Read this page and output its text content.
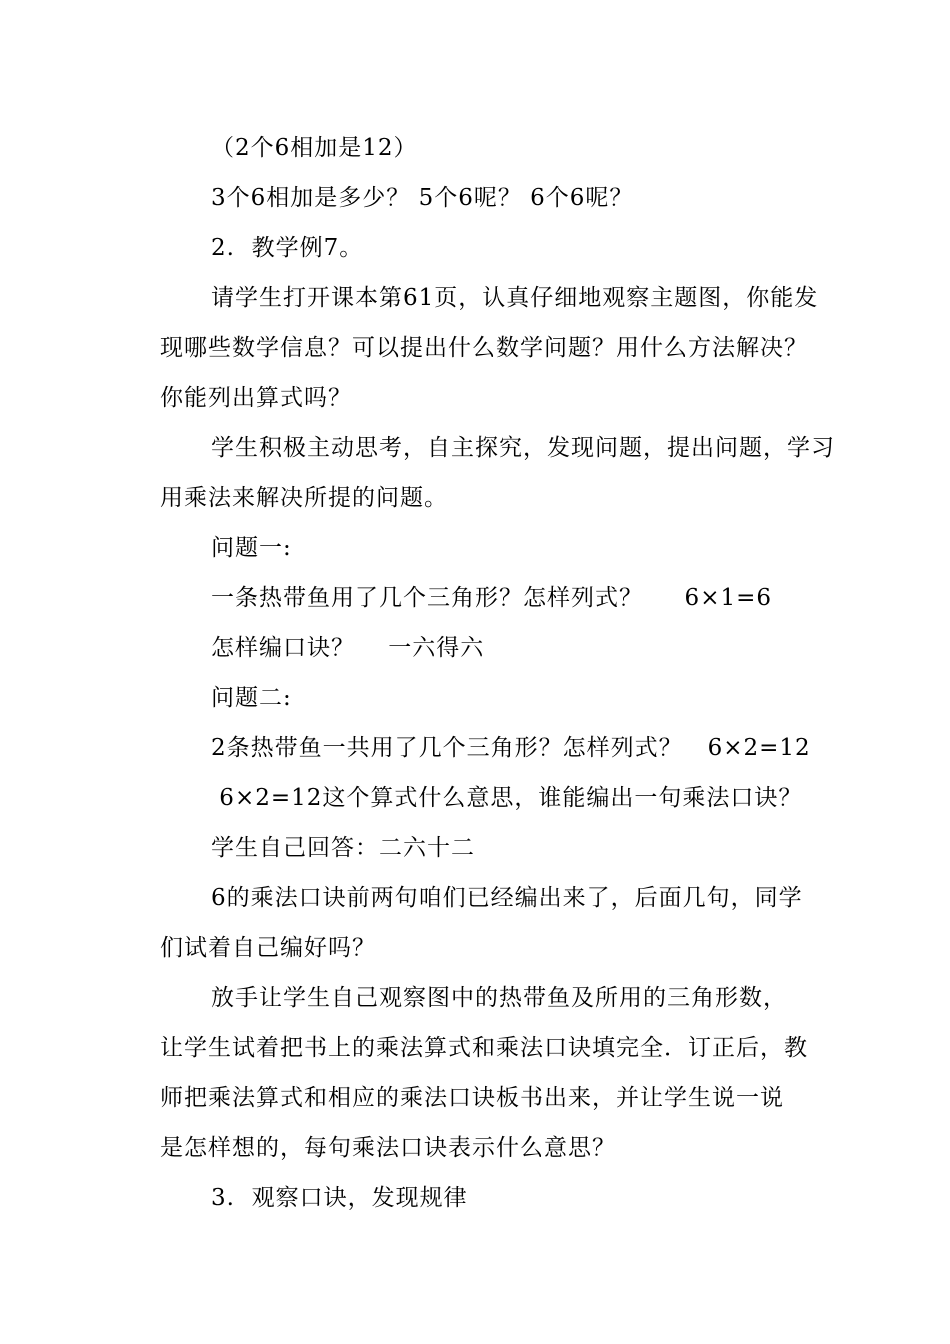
（2个6相加是12）
3个6相加是多少？ 5个6呢？ 6个6呢？
2.  教学例7。
请学生打开课本第61页，认真仔细地观察主题图，你能发
现哪些数学信息？可以提出什么数学问题？用什么方法解决？
你能列出算式吗？
学生积极主动思考，自主探究，发现问题，提出问题，学习
用乘法来解决所提的问题。
问题一:
一条热带鱼用了几个三角形？怎样列式？     6×1=6
怎样编口诀？    一六得六
问题二:
2条热带鱼一共用了几个三角形？怎样列式？   6×2=12
6×2=12这个算式什么意思，谁能编出一句乘法口诀？
学生自己回答：二六十二
6的乘法口诀前两句咱们已经编出来了，后面几句，同学
们试着自己编好吗？
放手让学生自己观察图中的热带鱼及所用的三角形数，
让学生试着把书上的乘法算式和乘法口诀填完全．订正后，教
师把乘法算式和相应的乘法口诀板书出来，并让学生说一说
是怎样想的，每句乘法口诀表示什么意思？
3.  观察口诀，发现规律
